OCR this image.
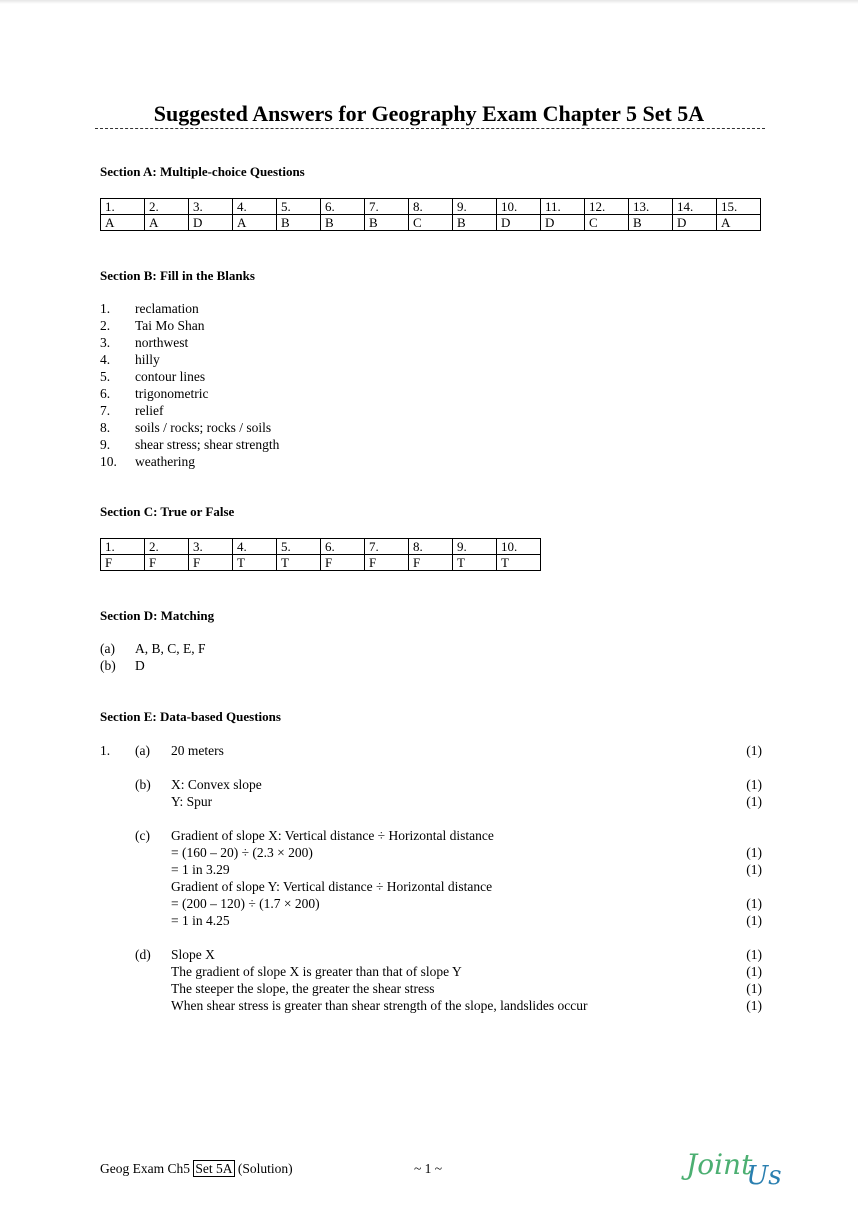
Suggested Answers for Geography Exam Chapter 5 Set 5A
Section A: Multiple-choice Questions
1.	2.	3.	4.	5.	6.	7.	8.	9.	10.	11.	12.	13.	14.	15.
A	A	D	A	B	B	B	C	B	D	D	C	B	D	A
Section B: Fill in the Blanks
1. reclamation
2. Tai Mo Shan
3. northwest
4. hilly
5. contour lines
6. trigonometric
7. relief
8. soils / rocks; rocks / soils
9. shear stress; shear strength
10. weathering
Section C: True or False
1.	2.	3.	4.	5.	6.	7.	8.	9.	10.
F	F	F	T	T	F	F	F	T	T
Section D: Matching
(a) A, B, C, E, F
(b) D
Section E: Data-based Questions
1. (a) 20 meters	(1)
(b) X: Convex slope	(1)
Y: Spur	(1)
(c) Gradient of slope X: Vertical distance ÷ Horizontal distance
= (160 – 20) ÷ (2.3 × 200)	(1)
= 1 in 3.29	(1)
Gradient of slope Y: Vertical distance ÷ Horizontal distance
= (200 – 120) ÷ (1.7 × 200)	(1)
= 1 in 4.25	(1)
(d) Slope X	(1)
The gradient of slope X is greater than that of slope Y	(1)
The steeper the slope, the greater the shear stress	(1)
When shear stress is greater than shear strength of the slope, landslides occur	(1)
Geog Exam Ch5 Set 5A (Solution)	~ 1 ~	JointUs
